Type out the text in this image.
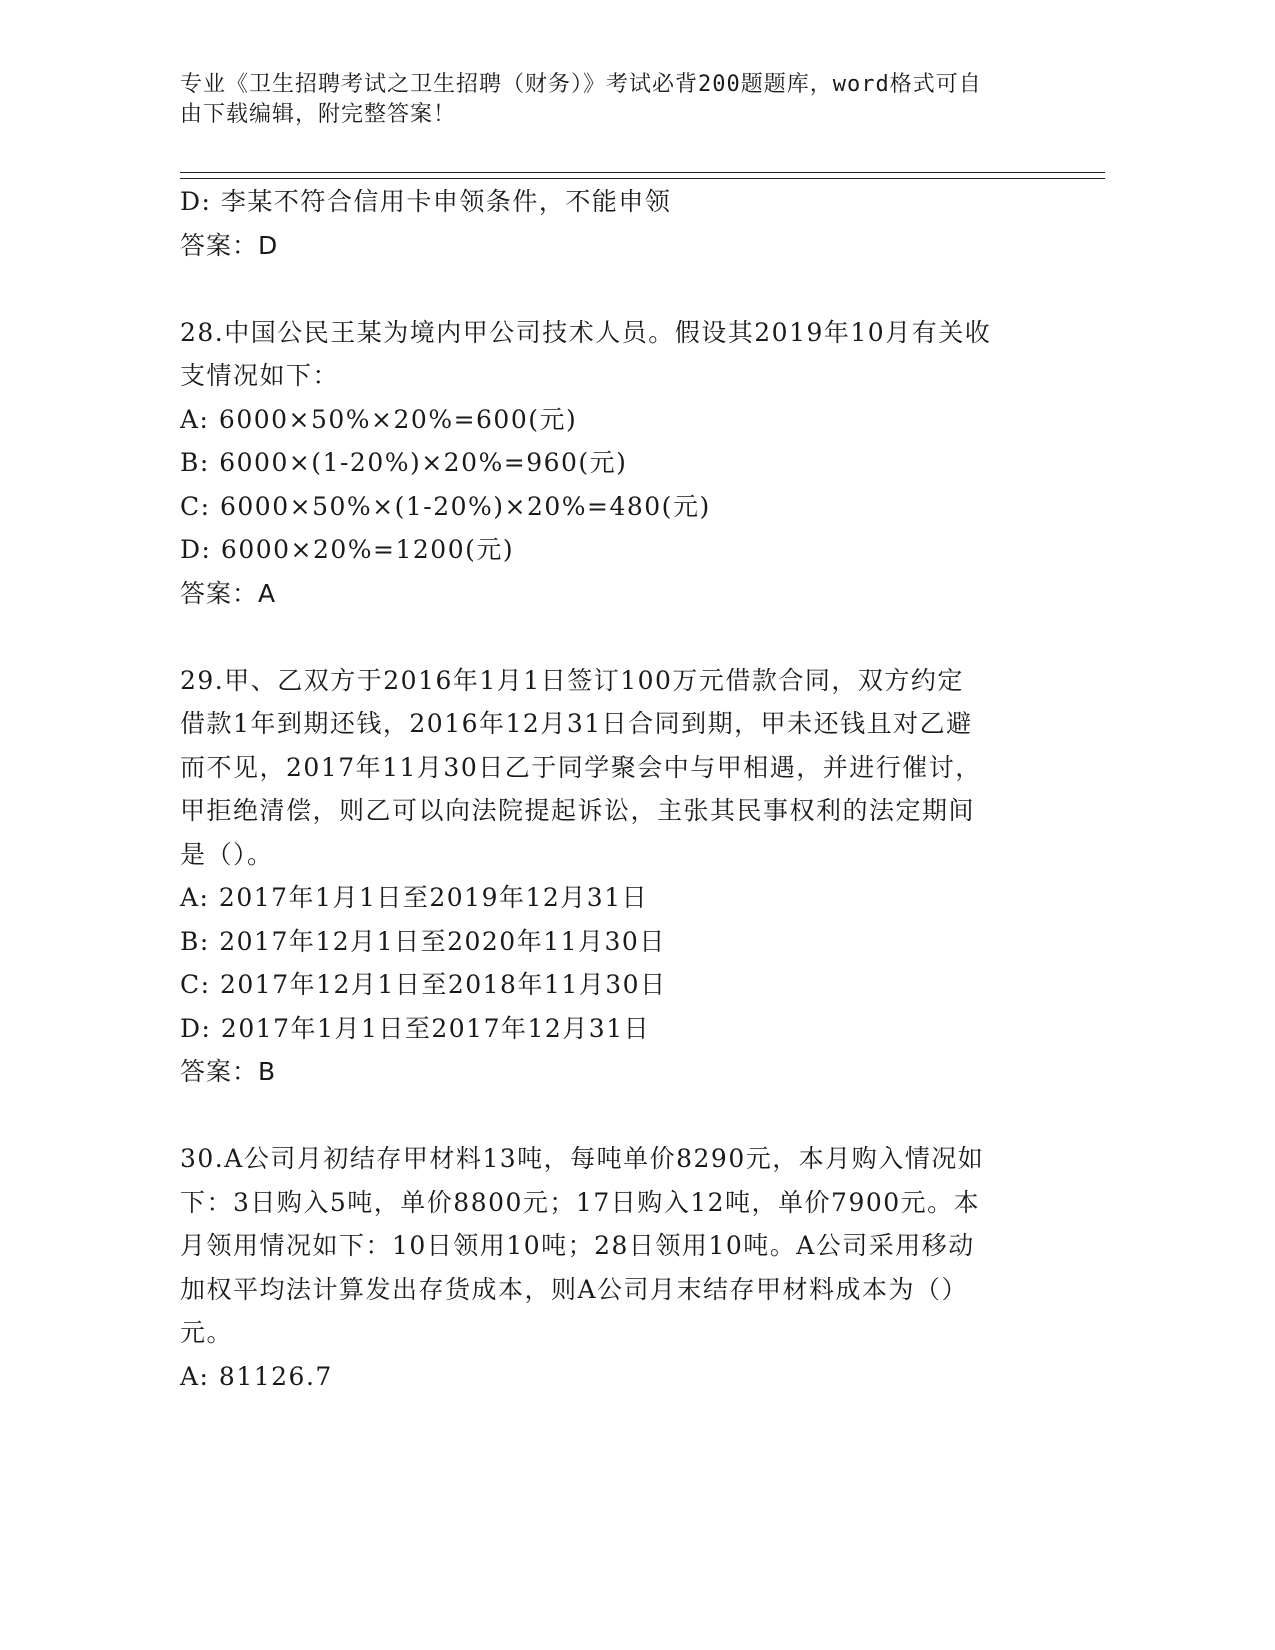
专业《卫生招聘考试之卫生招聘（财务）》考试必背200题题库，word格式可自
由下载编辑，附完整答案！
D: 李某不符合信用卡申领条件，不能申领
答案：D
28.中国公民王某为境内甲公司技术人员。假设其2019年10月有关收
支情况如下：
A: 6000×50%×20%=600(元)
B: 6000×(1-20%)×20%=960(元)
C: 6000×50%×(1-20%)×20%=480(元)
D: 6000×20%=1200(元)
答案：A
29.甲、乙双方于2016年1月1日签订100万元借款合同，双方约定
借款1年到期还钱，2016年12月31日合同到期，甲未还钱且对乙避
而不见，2017年11月30日乙于同学聚会中与甲相遇，并进行催讨，
甲拒绝清偿，则乙可以向法院提起诉讼，主张其民事权利的法定期间
是（）。
A: 2017年1月1日至2019年12月31日
B: 2017年12月1日至2020年11月30日
C: 2017年12月1日至2018年11月30日
D: 2017年1月1日至2017年12月31日
答案：B
30.A公司月初结存甲材料13吨，每吨单价8290元，本月购入情况如
下：3日购入5吨，单价8800元；17日购入12吨，单价7900元。本
月领用情况如下：10日领用10吨；28日领用10吨。A公司采用移动
加权平均法计算发出存货成本，则A公司月末结存甲材料成本为（）
元。
A: 81126.7
